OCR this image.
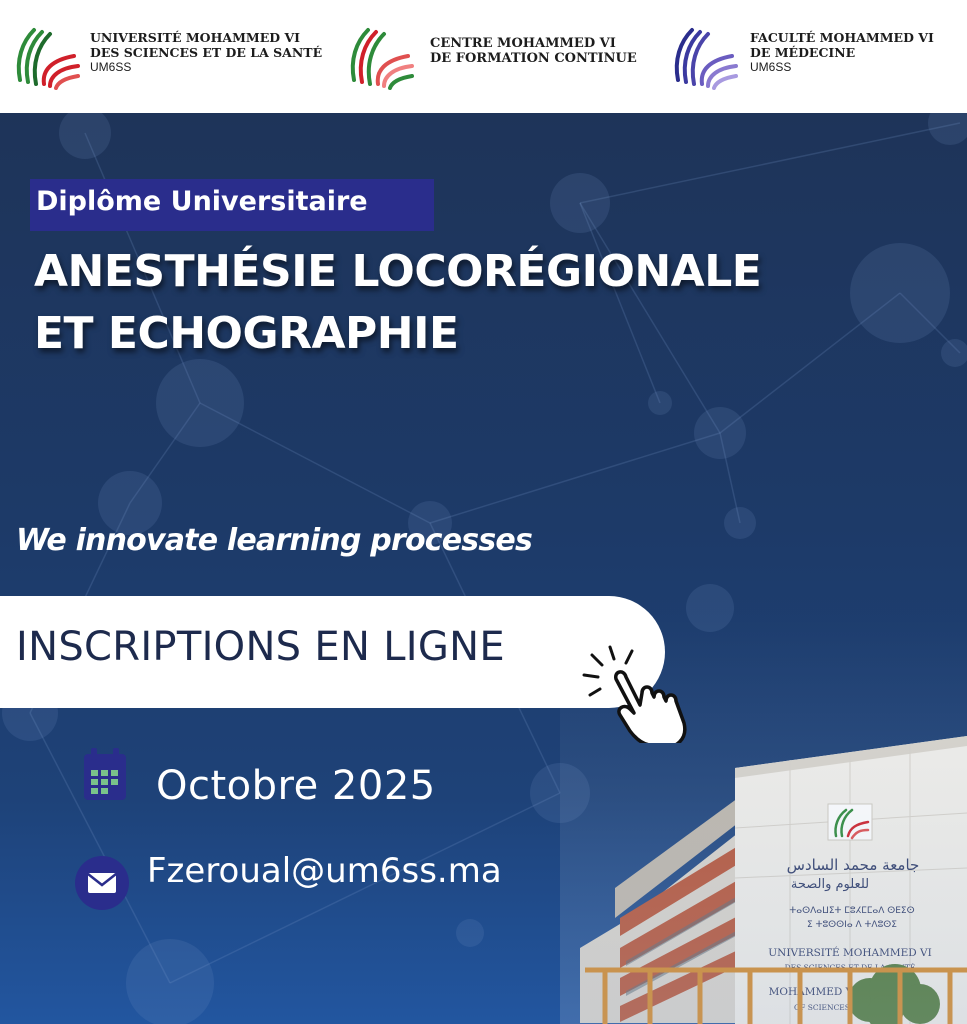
UNIVERSITÉ MOHAMMED VI
DES SCIENCES ET DE LA SANTÉ
UM6SS
CENTRE MOHAMMED VI
DE FORMATION CONTINUE
FACULTÉ MOHAMMED VI
DE MÉDECINE
UM6SS
Diplôme Universitaire
ANESTHÉSIE LOCORÉGIONALE
ET ECHOGRAPHIE
We innovate learning processes
INSCRIPTIONS EN LIGNE
Octobre 2025
Fzeroual@um6ss.ma
